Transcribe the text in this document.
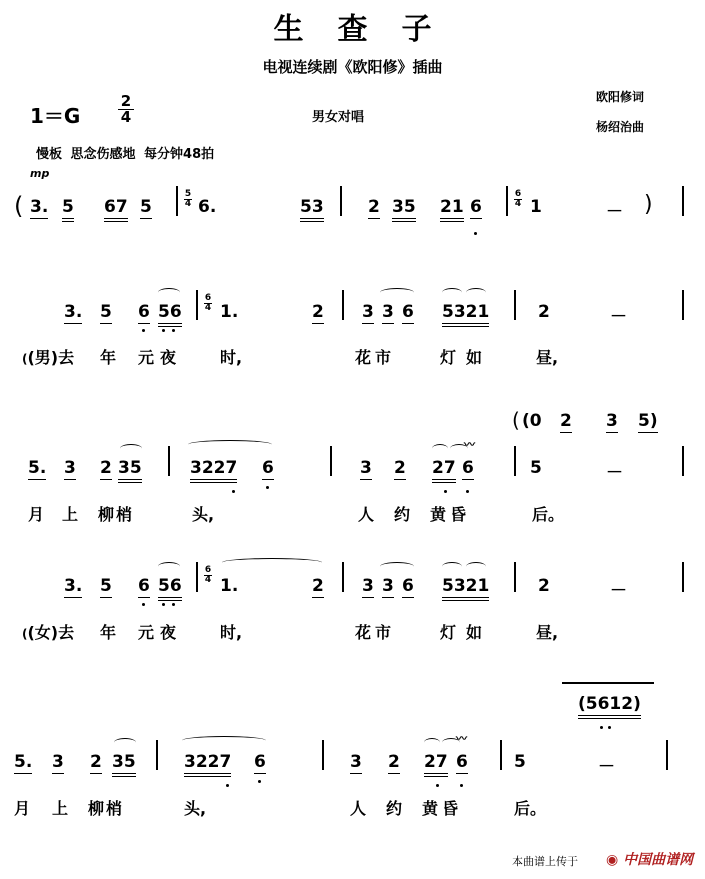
生查子
电视连续剧《欧阳修》插曲
1＝G
2
4	男女对唱
欧阳修词
杨绍治曲
慢板 思念伤感地 每分钟48拍
mp
( 3. 5 67 5
5
4 6.	53	2 35 21 6
6
4 1	－ )
3. 5 6 56
6
4 1.	2 3 3 6 5321	2	－
((男)去 年 元夜 时,	花市	灯如	昼,
( (0 2 3 5)
5. 3 2 35	3227 6	3 2 27 6
〰
5	－
月 上 柳梢	头,	人 约 黄昏	后。
3. 5 6 56
6
4 1.	2 3 3 6 5321	2	－
((女)去 年 元夜 时,	花市	灯如	昼,
(5612)
5. 3 2 35	3227 6	3 2 27 6
〰
5	－
月 上 柳梢	头,	人 约 黄昏	后。
本曲谱上传于 ◉ 中国曲谱网
